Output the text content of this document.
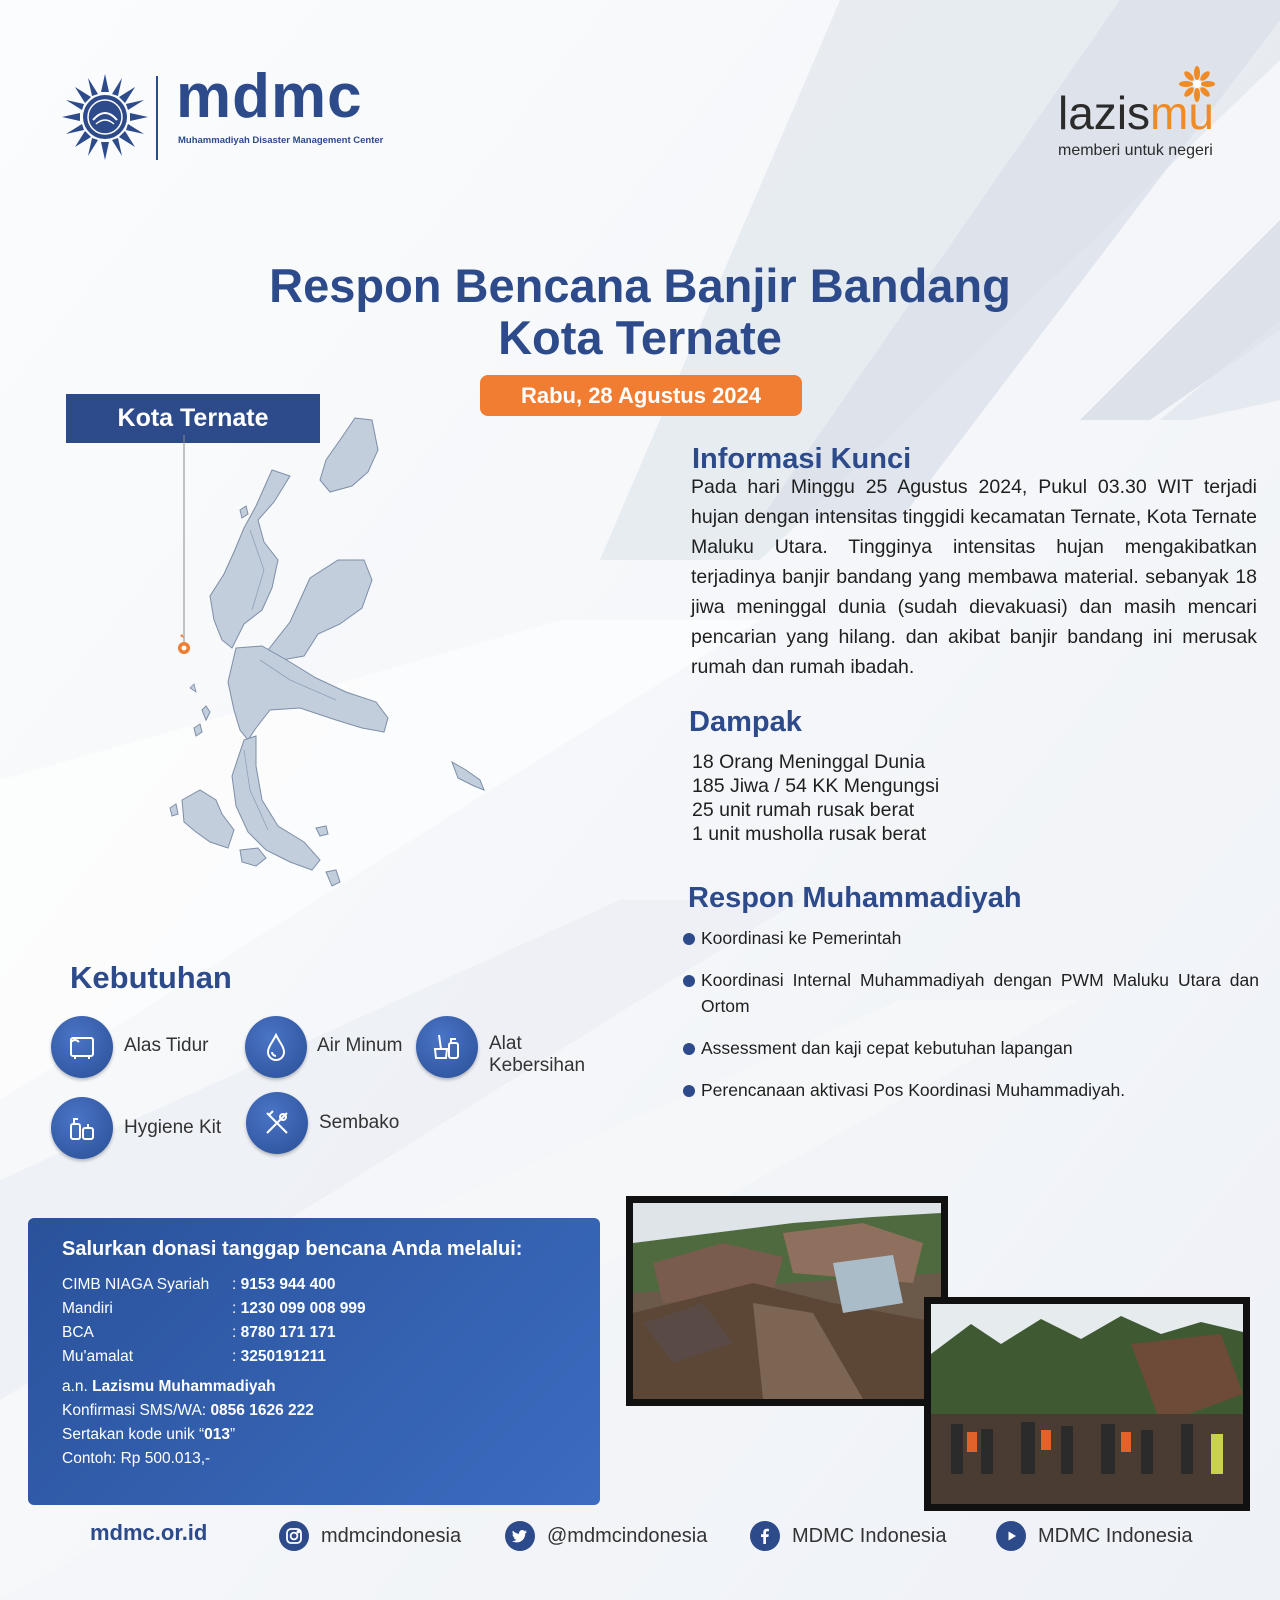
mdmc
Muhammadiyah Disaster Management Center
lazismu
memberi untuk negeri
Respon Bencana Banjir Bandang
Kota Ternate
Rabu, 28 Agustus 2024
Kota Ternate
Informasi Kunci
Pada hari Minggu 25 Agustus 2024, Pukul 03.30 WIT terjadi hujan dengan intensitas tinggidi kecamatan Ternate, Kota Ternate Maluku Utara. Tingginya intensitas hujan mengakibatkan terjadinya banjir bandang yang membawa material. sebanyak 18 jiwa meninggal dunia (sudah dievakuasi) dan masih mencari pencarian yang hilang. dan akibat banjir bandang ini merusak rumah dan rumah ibadah.
Dampak
18 Orang Meninggal Dunia
185 Jiwa / 54 KK Mengungsi
25 unit rumah rusak berat
1 unit musholla rusak berat
Respon Muhammadiyah
Koordinasi ke Pemerintah
Koordinasi Internal Muhammadiyah dengan PWM Maluku Utara dan Ortom
Assessment dan kaji cepat kebutuhan lapangan
Perencanaan aktivasi Pos Koordinasi Muhammadiyah.
Kebutuhan
Alas Tidur	Air Minum	Alat Kebersihan
Hygiene Kit	Sembako
Salurkan donasi tanggap bencana Anda melalui:
CIMB NIAGA Syariah : 9153 944 400
Mandiri	: 1230 099 008 999
BCA	: 8780 171 171
Mu'amalat	: 3250191211
a.n. Lazismu Muhammadiyah
Konfirmasi SMS/WA: 0856 1626 222
Sertakan kode unik “013”
Contoh: Rp 500.013,-
mdmc.or.id	mdmcindonesia	@mdmcindonesia	MDMC Indonesia	MDMC Indonesia
